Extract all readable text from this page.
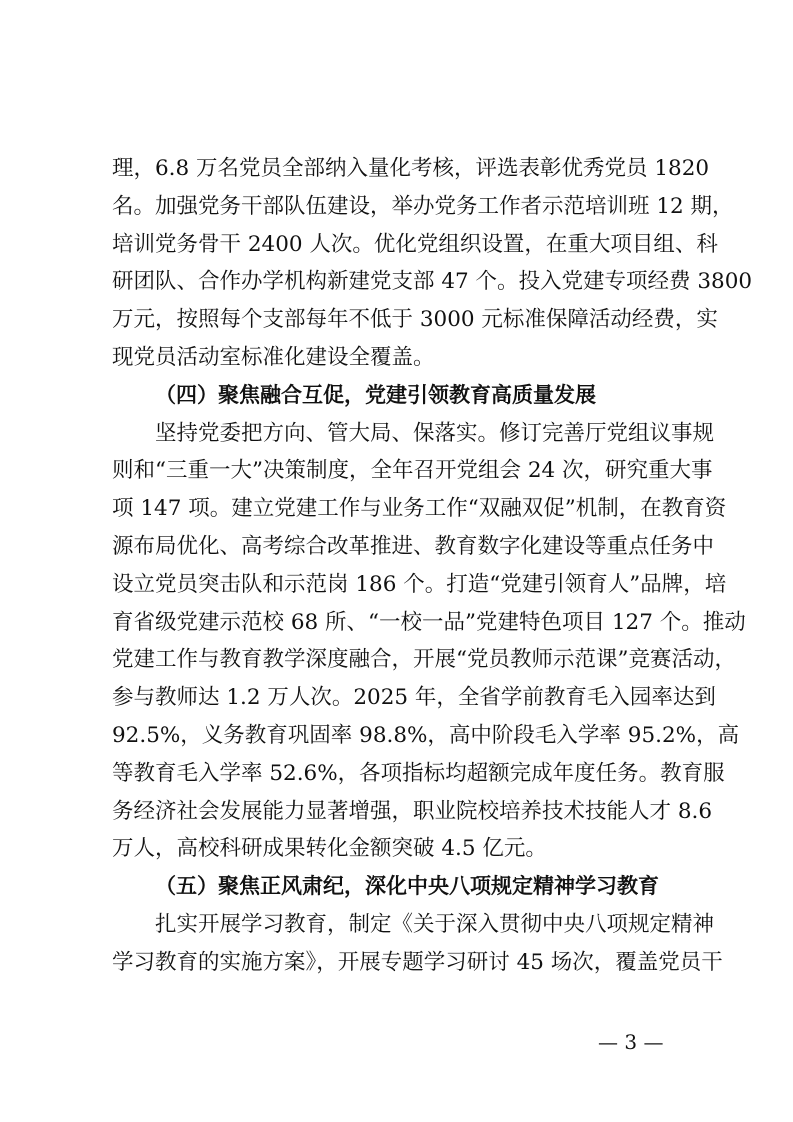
理，6.8 万名党员全部纳入量化考核，评选表彰优秀党员 1820
名。加强党务干部队伍建设，举办党务工作者示范培训班 12 期，
培训党务骨干 2400 人次。优化党组织设置，在重大项目组、科
研团队、合作办学机构新建党支部 47 个。投入党建专项经费 3800
万元，按照每个支部每年不低于 3000 元标准保障活动经费，实
现党员活动室标准化建设全覆盖。
（四）聚焦融合互促，党建引领教育高质量发展
坚持党委把方向、管大局、保落实。修订完善厅党组议事规
则和“三重一大”决策制度，全年召开党组会 24 次，研究重大事
项 147 项。建立党建工作与业务工作“双融双促”机制，在教育资
源布局优化、高考综合改革推进、教育数字化建设等重点任务中
设立党员突击队和示范岗 186 个。打造“党建引领育人”品牌，培
育省级党建示范校 68 所、“一校一品”党建特色项目 127 个。推动
党建工作与教育教学深度融合，开展“党员教师示范课”竞赛活动，
参与教师达 1.2 万人次。2025 年，全省学前教育毛入园率达到
92.5%，义务教育巩固率 98.8%，高中阶段毛入学率 95.2%，高
等教育毛入学率 52.6%，各项指标均超额完成年度任务。教育服
务经济社会发展能力显著增强，职业院校培养技术技能人才 8.6
万人，高校科研成果转化金额突破 4.5 亿元。
（五）聚焦正风肃纪，深化中央八项规定精神学习教育
扎实开展学习教育，制定《关于深入贯彻中央八项规定精神
学习教育的实施方案》，开展专题学习研讨 45 场次，覆盖党员干
— 3 —
